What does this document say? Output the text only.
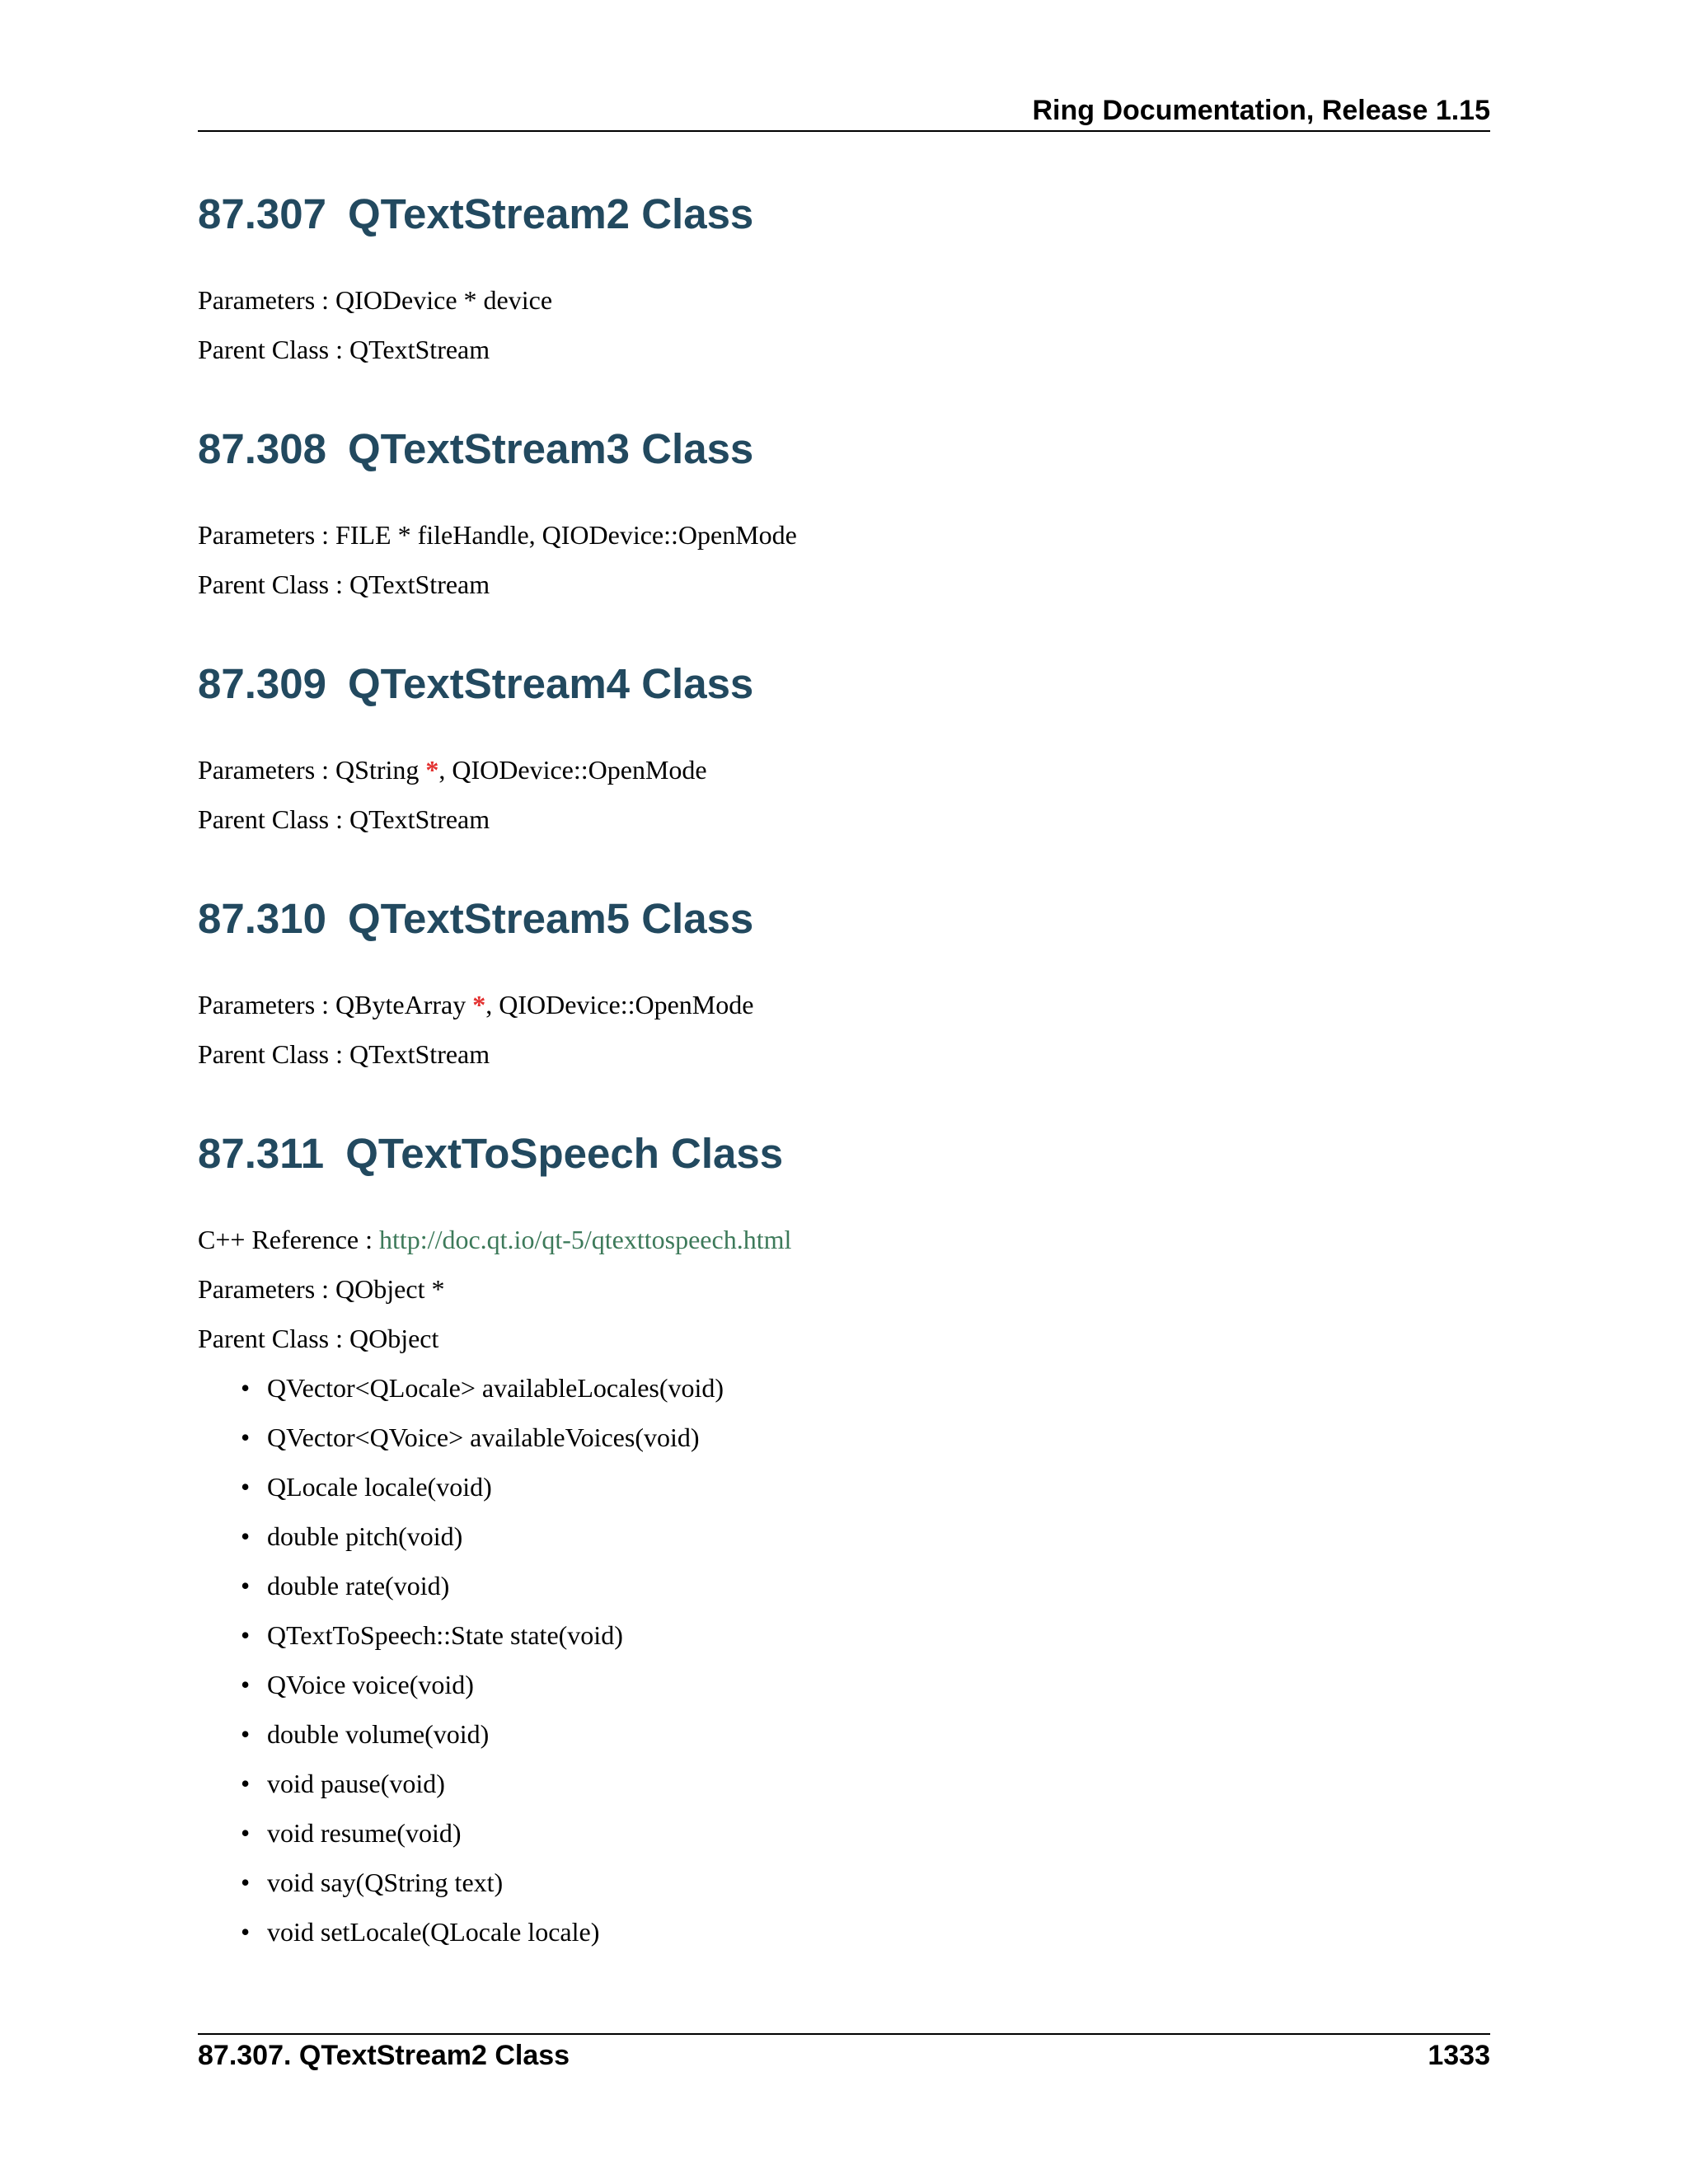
Ring Documentation, Release 1.15
87.307 QTextStream2 Class

Parameters : QIODevice * device

Parent Class : QTextStream

87.308 QTextStream3 Class

Parameters : FILE * fileHandle, QIODevice::OpenMode

Parent Class : QTextStream

87.309 QTextStream4 Class

Parameters : QString *, QIODevice::OpenMode

Parent Class : QTextStream

87.310 QTextStream5 Class

Parameters : QByteArray *, QIODevice::OpenMode

Parent Class : QTextStream

87.311 QTextToSpeech Class

C++ Reference : http://doc.qt.io/qt-5/qtexttospeech.html

Parameters : QObject *

Parent Class : QObject

• QVector<QLocale> availableLocales(void)
• QVector<QVoice> availableVoices(void)
• QLocale locale(void)
• double pitch(void)
• double rate(void)
• QTextToSpeech::State state(void)
• QVoice voice(void)
• double volume(void)
• void pause(void)
• void resume(void)
• void say(QString text)
• void setLocale(QLocale locale)
87.307. QTextStream2 Class	1333
